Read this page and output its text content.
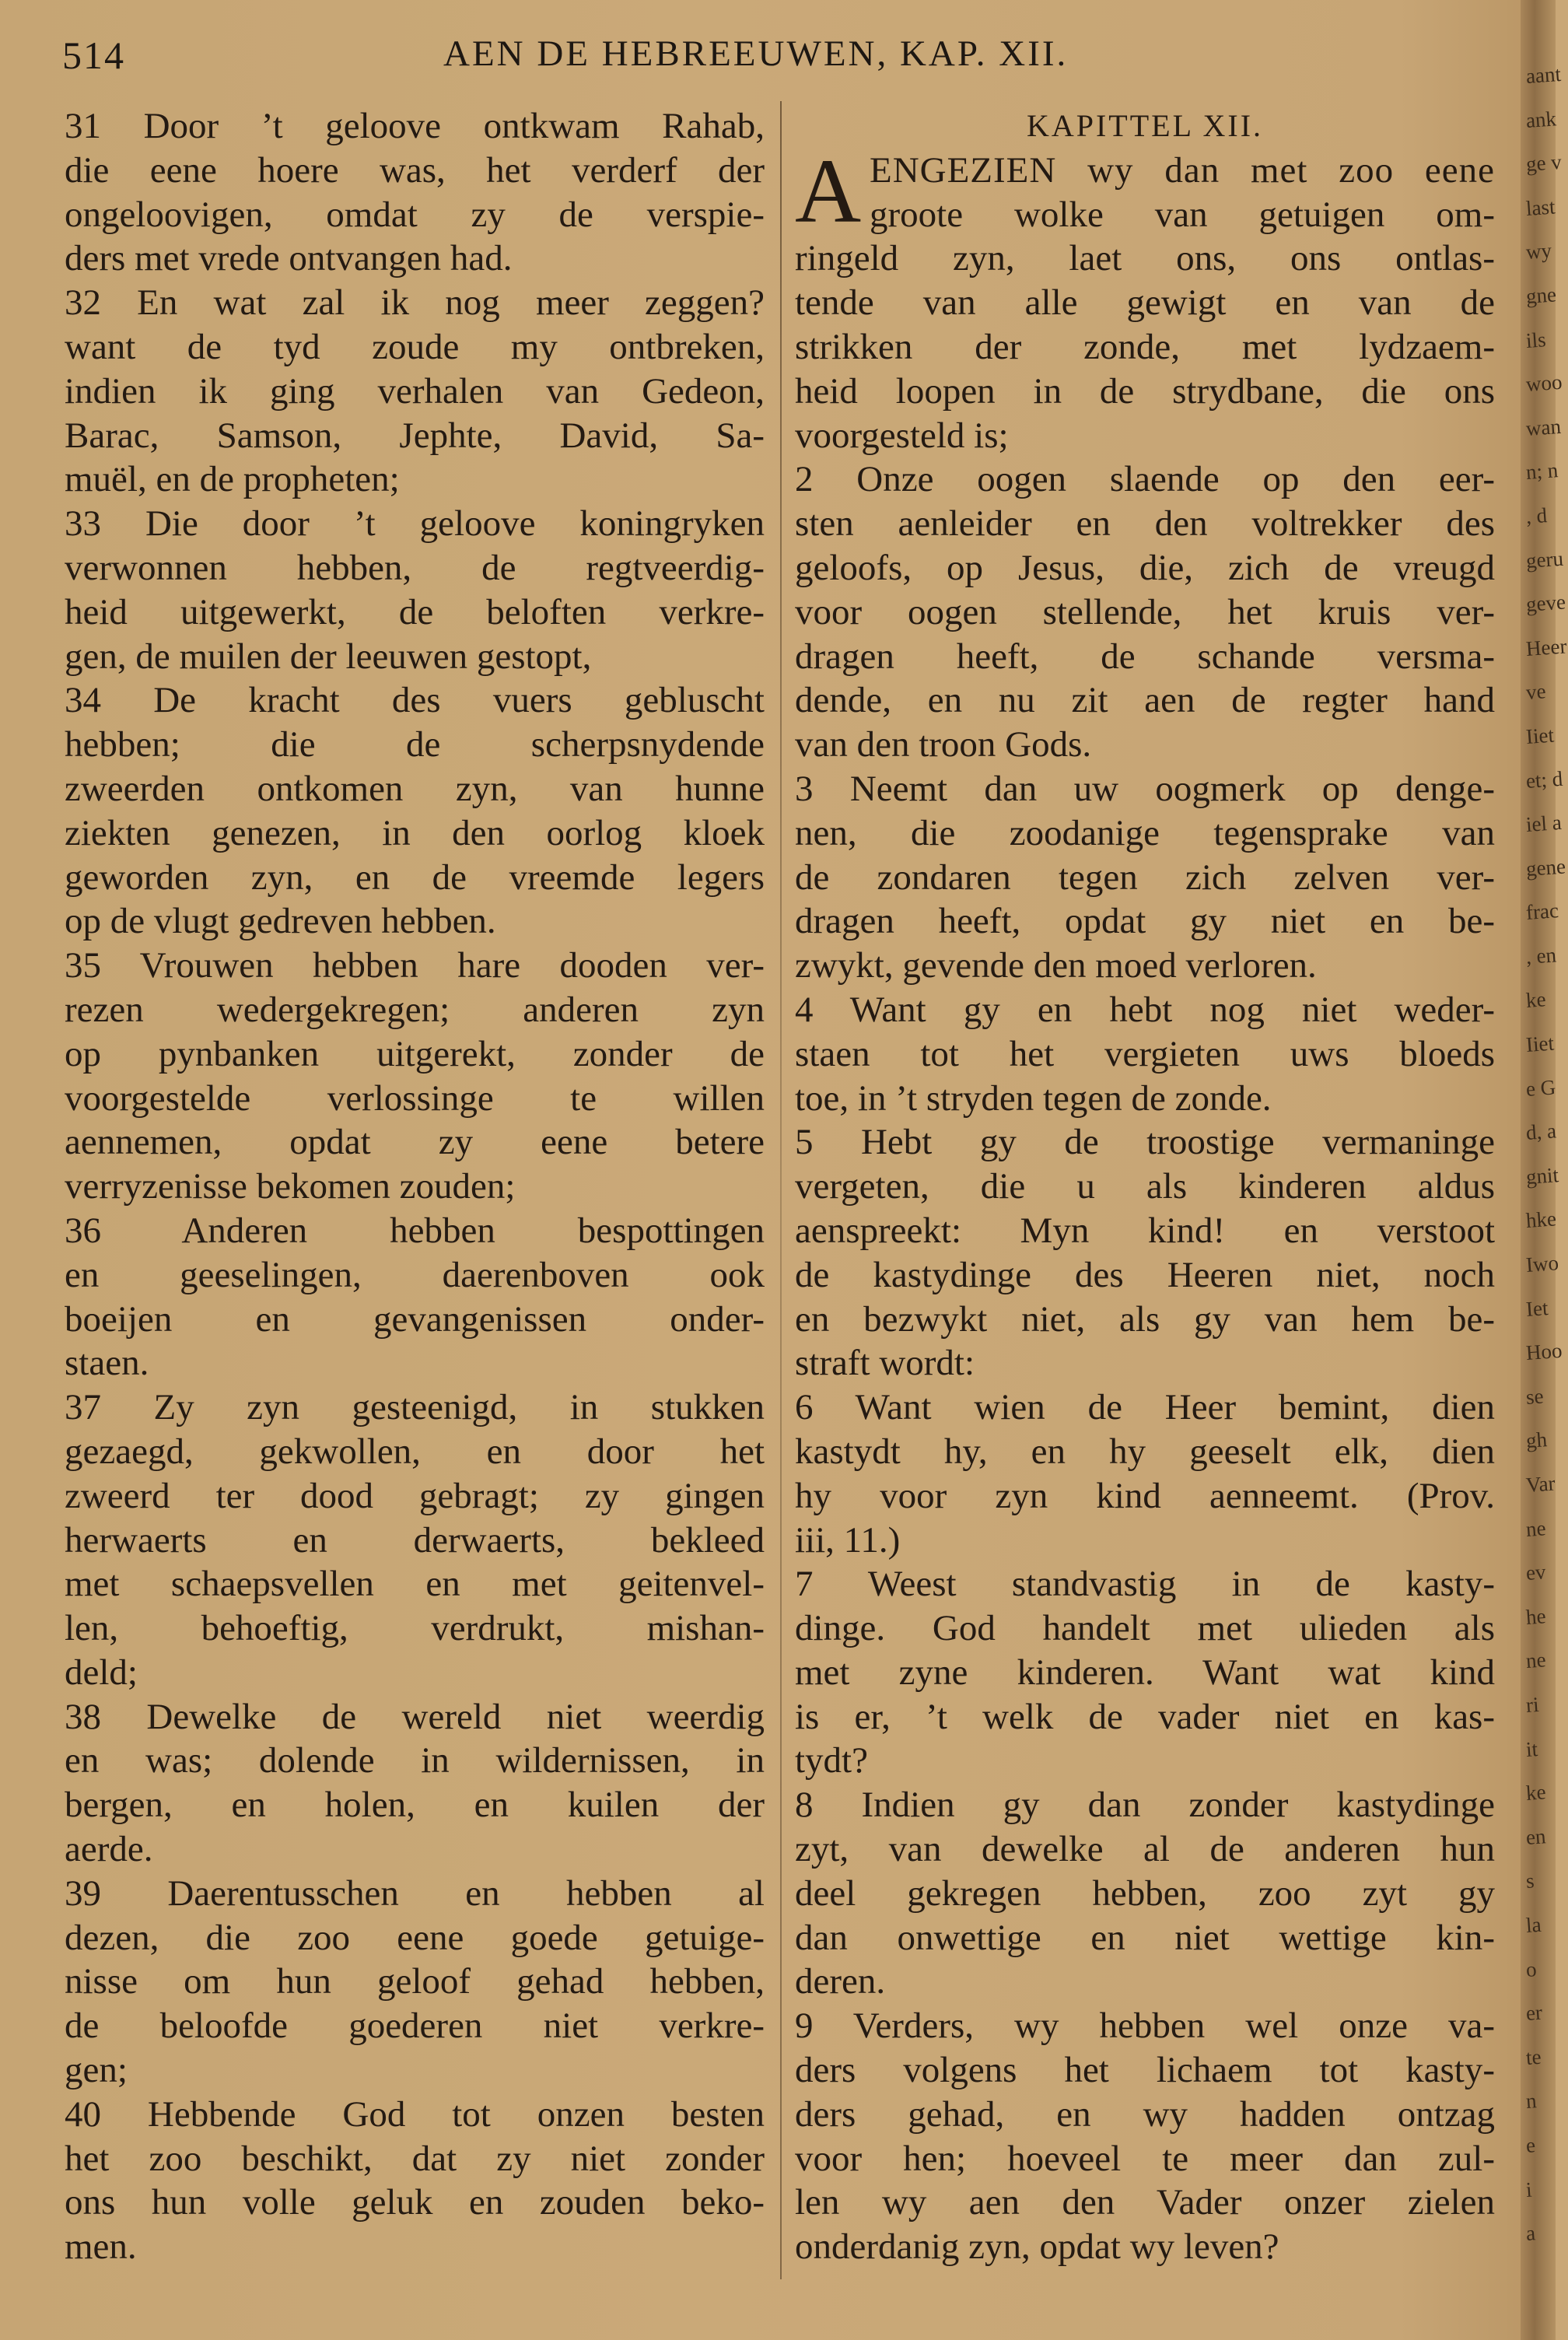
514	AEN DE HEBREEUWEN, KAP. XII.
31 Door ’t geloove ontkwam Rahab,
die eene hoere was, het verderf der
ongeloovigen, omdat zy de verspie-
ders met vrede ontvangen had.
32 En wat zal ik nog meer zeggen?
want de tyd zoude my ontbreken,
indien ik ging verhalen van Gedeon,
Barac, Samson, Jephte, David, Sa-
muël, en de propheten;
33 Die door ’t geloove koningryken
verwonnen hebben, de regtveerdig-
heid uitgewerkt, de beloften verkre-
gen, de muilen der leeuwen gestopt,
34 De kracht des vuers gebluscht
hebben; die de scherpsnydende
zweerden ontkomen zyn, van hunne
ziekten genezen, in den oorlog kloek
geworden zyn, en de vreemde legers
op de vlugt gedreven hebben.
35 Vrouwen hebben hare dooden ver-
rezen wedergekregen; anderen zyn
op pynbanken uitgerekt, zonder de
voorgestelde verlossinge te willen
aennemen, opdat zy eene betere
verryzenisse bekomen zouden;
36 Anderen hebben bespottingen
en geeselingen, daerenboven ook
boeijen en gevangenissen onder-
staen.
37 Zy zyn gesteenigd, in stukken
gezaegd, gekwollen, en door het
zweerd ter dood gebragt; zy gingen
herwaerts en derwaerts, bekleed
met schaepsvellen en met geitenvel-
len, behoeftig, verdrukt, mishan-
deld;
38 Dewelke de wereld niet weerdig
en was; dolende in wildernissen, in
bergen, en holen, en kuilen der
aerde.
39 Daerentusschen en hebben al
dezen, die zoo eene goede getuige-
nisse om hun geloof gehad hebben,
de beloofde goederen niet verkre-
gen;
40 Hebbende God tot onzen besten
het zoo beschikt, dat zy niet zonder
ons hun volle geluk en zouden beko-
men.
KAPITTEL XII.
A ENGEZIEN wy dan met zoo eene
groote wolke van getuigen om-
ringeld zyn, laet ons, ons ontlas-
tende van alle gewigt en van de
strikken der zonde, met lydzaem-
heid loopen in de strydbane, die ons
voorgesteld is;
2 Onze oogen slaende op den eer-
sten aenleider en den voltrekker des
geloofs, op Jesus, die, zich de vreugd
voor oogen stellende, het kruis ver-
dragen heeft, de schande versma-
dende, en nu zit aen de regter hand
van den troon Gods.
3 Neemt dan uw oogmerk op denge-
nen, die zoodanige tegensprake van
de zondaren tegen zich zelven ver-
dragen heeft, opdat gy niet en be-
zwykt, gevende den moed verloren.
4 Want gy en hebt nog niet weder-
staen tot het vergieten uws bloeds
toe, in ’t stryden tegen de zonde.
5 Hebt gy de troostige vermaninge
vergeten, die u als kinderen aldus
aenspreekt: Myn kind! en verstoot
de kastydinge des Heeren niet, noch
en bezwykt niet, als gy van hem be-
straft wordt:
6 Want wien de Heer bemint, dien
kastydt hy, en hy geeselt elk, dien
hy voor zyn kind aenneemt. (Prov.
iii, 11.)
7 Weest standvastig in de kasty-
dinge. God handelt met ulieden als
met zyne kinderen. Want wat kind
is er, ’t welk de vader niet en kas-
tydt?
8 Indien gy dan zonder kastydinge
zyt, van dewelke al de anderen hun
deel gekregen hebben, zoo zyt gy
dan onwettige en niet wettige kin-
deren.
9 Verders, wy hebben wel onze va-
ders volgens het lichaem tot kasty-
ders gehad, en wy hadden ontzag
voor hen; hoeveel te meer dan zul-
len wy aen den Vader onzer zielen
onderdanig zyn, opdat wy leven?
aant
ank
ge v
last
wy
gne
ils
woo
wan
n; n
, d
geru
geve
Heer
ve
Iiet
et; d
iel a
gene
frac
, en
ke
Iiet
e G
d, a
gnit
hke
Iwo
Iet
Hoo
se
gh
Var
ne
ev
he
ne
ri
it
ke
en
s
la
o
er
te
n
e
i
a
